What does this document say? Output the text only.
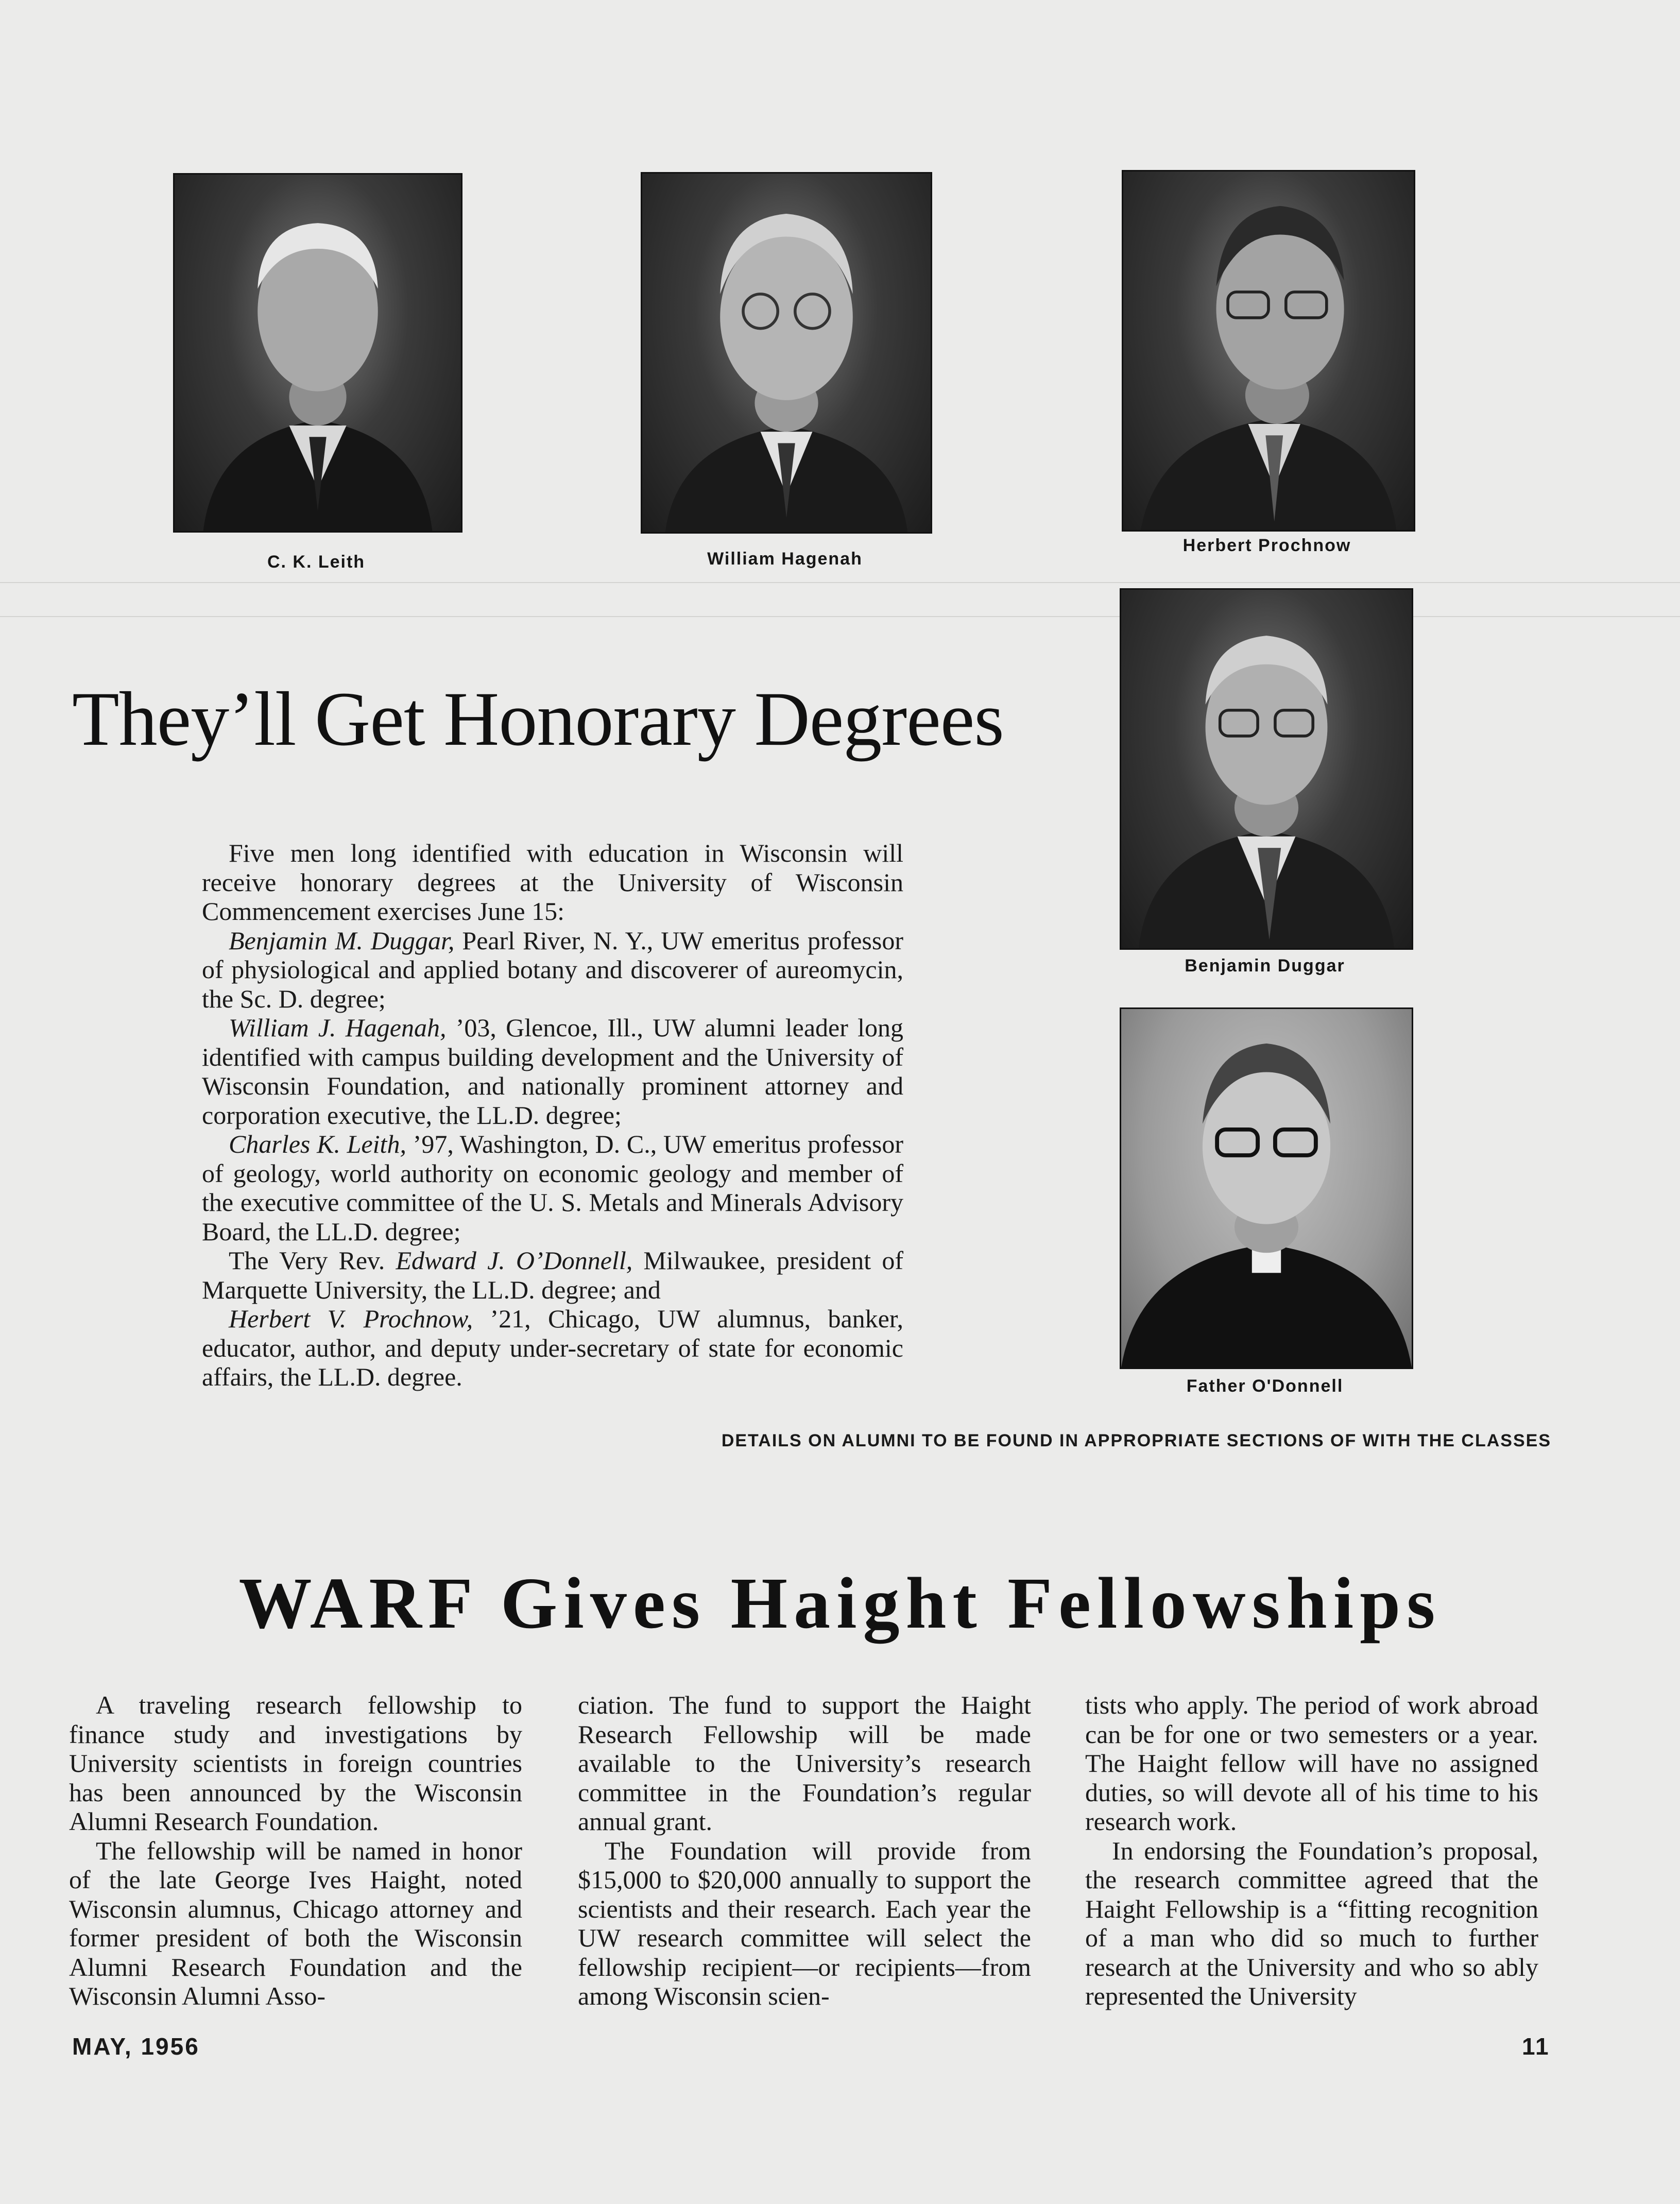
C. K. Leith	William Hagenah
Herbert Prochnow
They’ll Get Honorary Degrees
Benjamin Duggar
Father O'Donnell

Five men long identified with education in Wisconsin will receive honorary degrees at the University of Wisconsin Commencement exercises June 15:

Benjamin M. Duggar, Pearl River, N. Y., UW emeritus professor of physiological and applied botany and discoverer of aureomycin, the Sc. D. degree;

William J. Hagenah, ’03, Glencoe, Ill., UW alumni leader long identified with campus building development and the University of Wisconsin Foundation, and nationally prominent attorney and corporation executive, the LL.D. degree;

Charles K. Leith, ’97, Washington, D. C., UW emeritus professor of geology, world authority on economic geology and member of the executive committee of the U. S. Metals and Minerals Advisory Board, the LL.D. degree;

The Very Rev. Edward J. O’Donnell, Milwaukee, president of Marquette University, the LL.D. degree; and

Herbert V. Prochnow, ’21, Chicago, UW alumnus, banker, educator, author, and deputy under-secretary of state for economic affairs, the LL.D. degree.

DETAILS ON ALUMNI TO BE FOUND IN APPROPRIATE SECTIONS OF WITH THE CLASSES
WARF Gives Haight Fellowships

A traveling research fellowship to finance study and investigations by University scientists in foreign countries has been announced by the Wisconsin Alumni Research Foundation.

The fellowship will be named in honor of the late George Ives Haight, noted Wisconsin alumnus, Chicago attorney and former president of both the Wisconsin Alumni Research Foundation and the Wisconsin Alumni Asso-

ciation. The fund to support the Haight Research Fellowship will be made available to the University’s research committee in the Foundation’s regular annual grant.

The Foundation will provide from $15,000 to $20,000 annually to support the scientists and their research. Each year the UW research committee will select the fellowship recipient—or recipients—from among Wisconsin scien-

tists who apply. The period of work abroad can be for one or two semesters or a year. The Haight fellow will have no assigned duties, so will devote all of his time to his research work.

In endorsing the Foundation’s proposal, the research committee agreed that the Haight Fellowship is a “fitting recognition of a man who did so much to further research at the University and who so ably represented the University

MAY, 1956	11
